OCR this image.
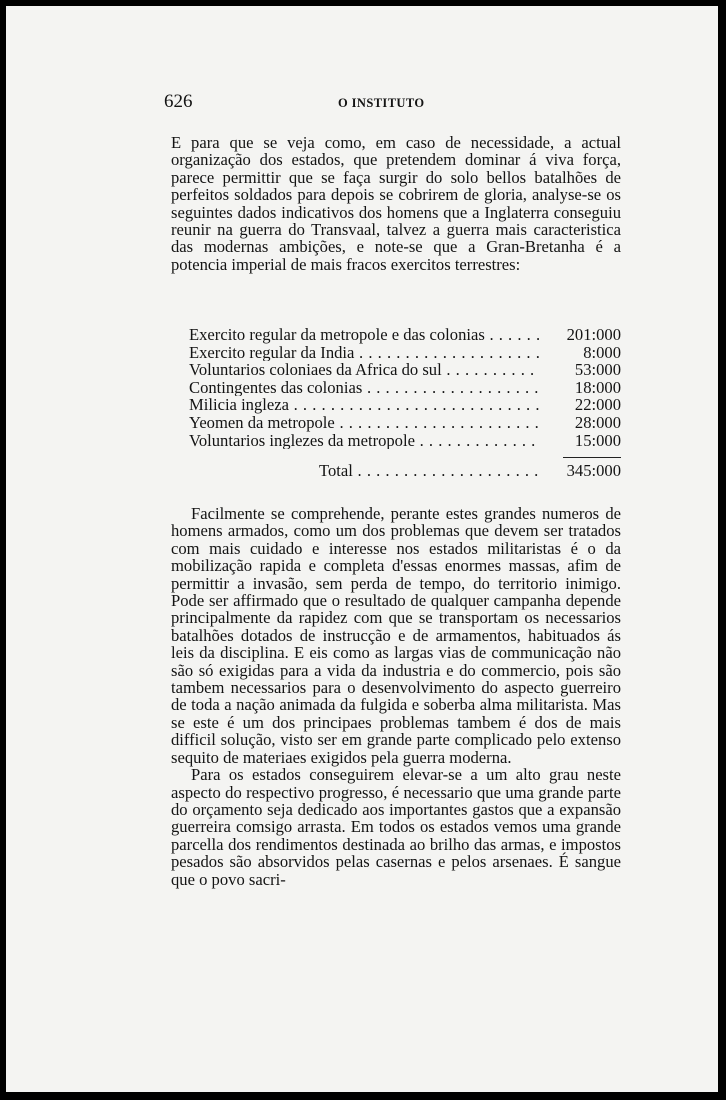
626	O INSTITUTO

E para que se veja como, em caso de necessidade, a actual organização dos estados, que pretendem dominar á viva força, parece permittir que se faça surgir do solo bellos batalhões de perfeitos soldados para depois se cobrirem de gloria, analyse-se os seguintes dados indicativos dos homens que a Inglaterra conseguiu reunir na guerra do Transvaal, talvez a guerra mais caracteristica das modernas ambições, e note-se que a Gran-Bretanha é a potencia imperial de mais fracos exercitos terrestres:

Exercito regular da metropole e das colonias . . .	201:000
Exercito regular da India . . .	8:000
Voluntarios coloniaes da Africa do sul . . .	53:000
Contingentes das colonias . . .	18:000
Milicia ingleza . . .	22:000
Yeomen da metropole . . .	28:000
Voluntarios inglezes da metropole . . .	15:000
Total . . .	345:000

Facilmente se comprehende, perante estes grandes numeros de homens armados, como um dos problemas que devem ser tratados com mais cuidado e interesse nos estados militaristas é o da mobilização rapida e completa d'essas enormes massas, afim de permittir a invasão, sem perda de tempo, do territorio inimigo. Pode ser affirmado que o resultado de qualquer campanha depende principalmente da rapidez com que se transportam os necessarios batalhões dotados de instrucção e de armamentos, habituados ás leis da disciplina. E eis como as largas vias de communicação não são só exigidas para a vida da industria e do commercio, pois são tambem necessarios para o desenvolvimento do aspecto guerreiro de toda a nação animada da fulgida e soberba alma militarista. Mas se este é um dos principaes problemas tambem é dos de mais difficil solução, visto ser em grande parte complicado pelo extenso sequito de materiaes exigidos pela guerra moderna.

Para os estados conseguirem elevar-se a um alto grau neste aspecto do respectivo progresso, é necessario que uma grande parte do orçamento seja dedicado aos importantes gastos que a expansão guerreira comsigo arrasta. Em todos os estados vemos uma grande parcella dos rendimentos destinada ao brilho das armas, e impostos pesados são absorvidos pelas casernas e pelos arsenaes. É sangue que o povo sacri-
